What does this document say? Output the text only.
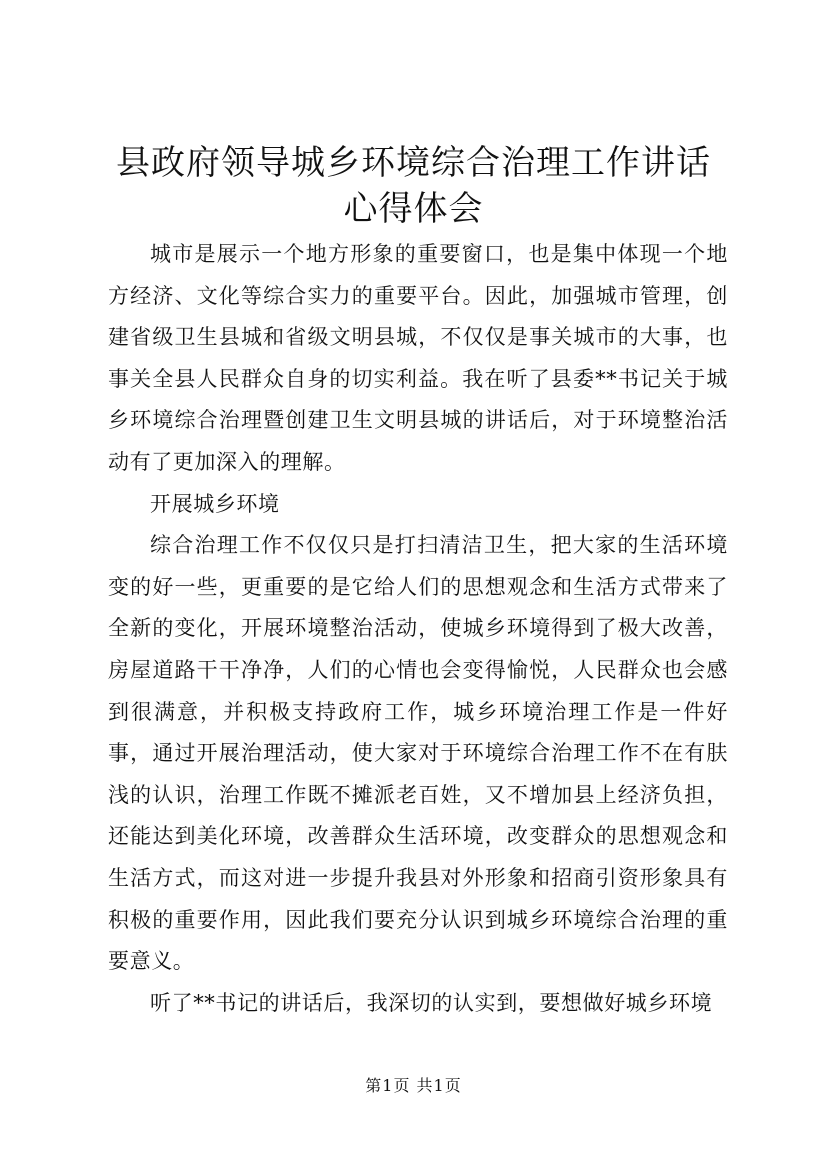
县政府领导城乡环境综合治理工作讲话心得体会

城市是展示一个地方形象的重要窗口，也是集中体现一个地方经济、文化等综合实力的重要平台。因此，加强城市管理，创建省级卫生县城和省级文明县城，不仅仅是事关城市的大事，也事关全县人民群众自身的切实利益。我在听了县委**书记关于城乡环境综合治理暨创建卫生文明县城的讲话后，对于环境整治活动有了更加深入的理解。

开展城乡环境

综合治理工作不仅仅只是打扫清洁卫生，把大家的生活环境变的好一些，更重要的是它给人们的思想观念和生活方式带来了全新的变化，开展环境整治活动，使城乡环境得到了极大改善，房屋道路干干净净，人们的心情也会变得愉悦，人民群众也会感到很满意，并积极支持政府工作，城乡环境治理工作是一件好事，通过开展治理活动，使大家对于环境综合治理工作不在有肤浅的认识，治理工作既不摊派老百姓，又不增加县上经济负担，还能达到美化环境，改善群众生活环境，改变群众的思想观念和生活方式，而这对进一步提升我县对外形象和招商引资形象具有积极的重要作用，因此我们要充分认识到城乡环境综合治理的重要意义。

听了**书记的讲话后，我深切的认实到，要想做好城乡环境

第1页 共1页
